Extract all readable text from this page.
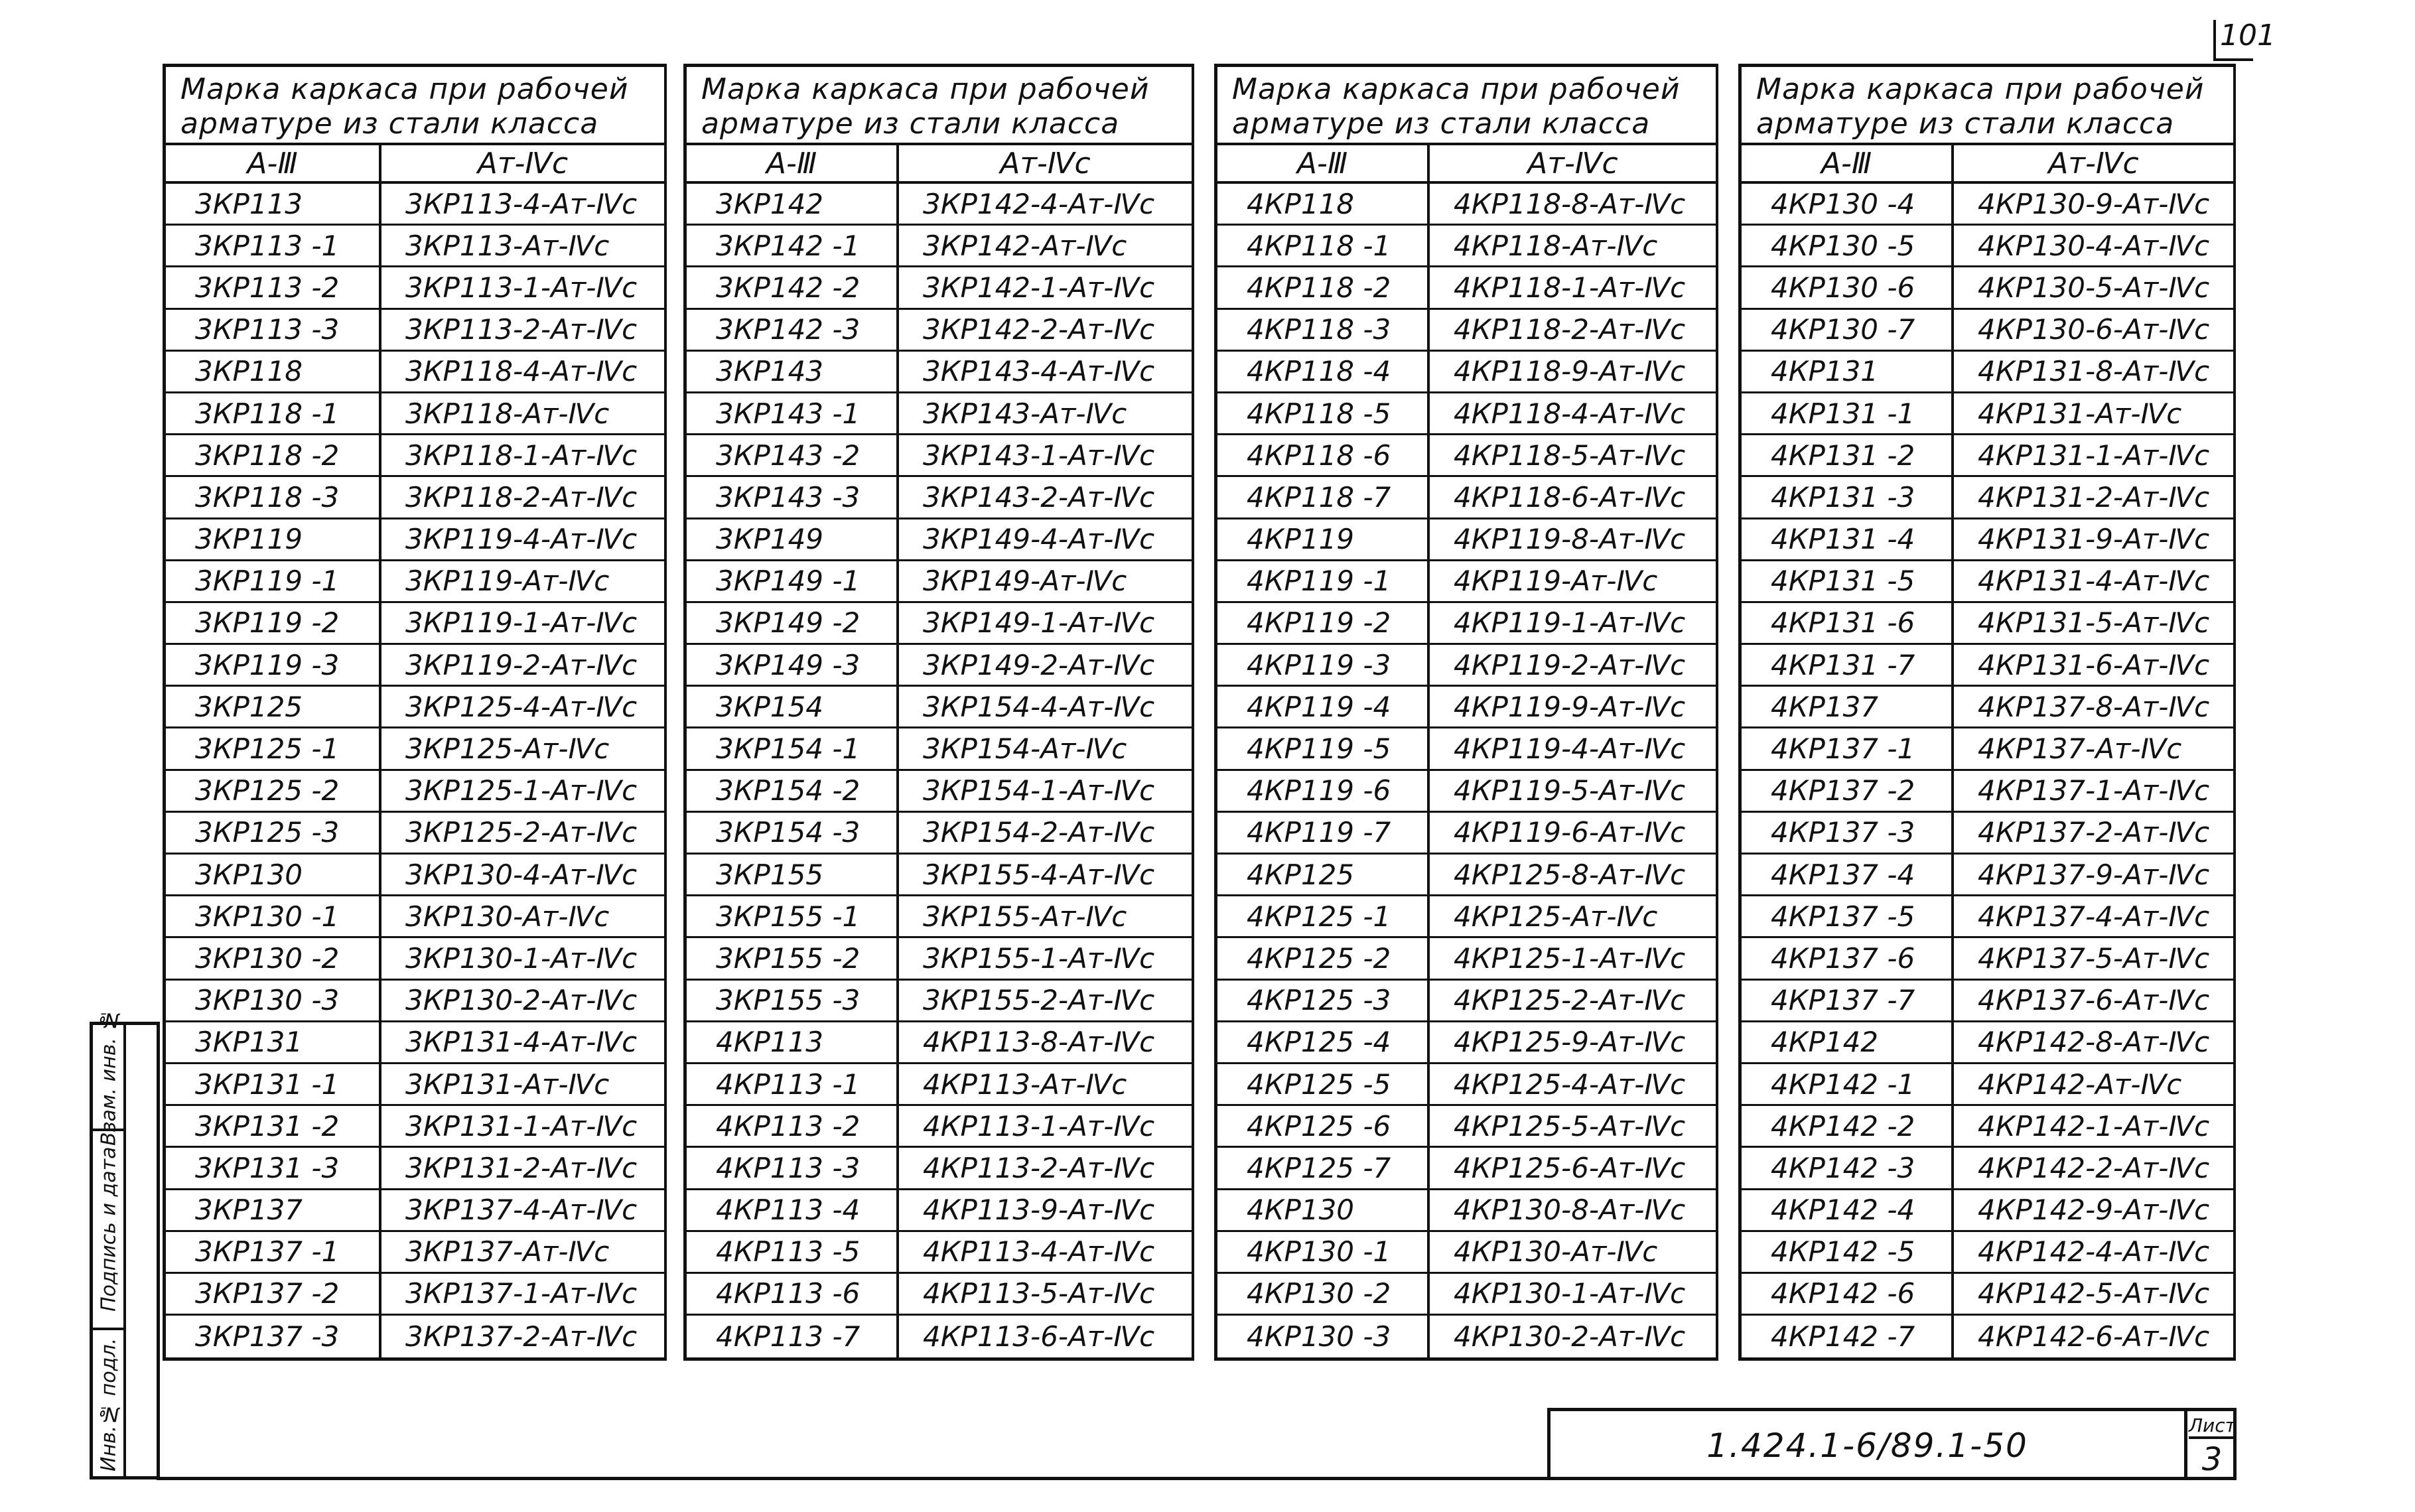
101
Марка каркаса при рабочей
арматуре из стали класса
А-Ⅲ	Ат-Ⅳс
3КР113	3КР113-4-Ат-Ⅳс
3КР113 -1	3КР113-Ат-Ⅳс
3КР113 -2	3КР113-1-Ат-Ⅳс
3КР113 -3	3КР113-2-Ат-Ⅳс
3КР118	3КР118-4-Ат-Ⅳс
3КР118 -1	3КР118-Ат-Ⅳс
3КР118 -2	3КР118-1-Ат-Ⅳс
3КР118 -3	3КР118-2-Ат-Ⅳс
3КР119	3КР119-4-Ат-Ⅳс
3КР119 -1	3КР119-Ат-Ⅳс
3КР119 -2	3КР119-1-Ат-Ⅳс
3КР119 -3	3КР119-2-Ат-Ⅳс
3КР125	3КР125-4-Ат-Ⅳс
3КР125 -1	3КР125-Ат-Ⅳс
3КР125 -2	3КР125-1-Ат-Ⅳс
3КР125 -3	3КР125-2-Ат-Ⅳс
3КР130	3КР130-4-Ат-Ⅳс
3КР130 -1	3КР130-Ат-Ⅳс
3КР130 -2	3КР130-1-Ат-Ⅳс
3КР130 -3	3КР130-2-Ат-Ⅳс
3КР131	3КР131-4-Ат-Ⅳс
3КР131 -1	3КР131-Ат-Ⅳс
3КР131 -2	3КР131-1-Ат-Ⅳс
3КР131 -3	3КР131-2-Ат-Ⅳс
3КР137	3КР137-4-Ат-Ⅳс
3КР137 -1	3КР137-Ат-Ⅳс
3КР137 -2	3КР137-1-Ат-Ⅳс
3КР137 -3	3КР137-2-Ат-Ⅳс
Марка каркаса при рабочей
арматуре из стали класса
А-Ⅲ	Ат-Ⅳс
3КР142	3КР142-4-Ат-Ⅳс
3КР142 -1	3КР142-Ат-Ⅳс
3КР142 -2	3КР142-1-Ат-Ⅳс
3КР142 -3	3КР142-2-Ат-Ⅳс
3КР143	3КР143-4-Ат-Ⅳс
3КР143 -1	3КР143-Ат-Ⅳс
3КР143 -2	3КР143-1-Ат-Ⅳс
3КР143 -3	3КР143-2-Ат-Ⅳс
3КР149	3КР149-4-Ат-Ⅳс
3КР149 -1	3КР149-Ат-Ⅳс
3КР149 -2	3КР149-1-Ат-Ⅳс
3КР149 -3	3КР149-2-Ат-Ⅳс
3КР154	3КР154-4-Ат-Ⅳс
3КР154 -1	3КР154-Ат-Ⅳс
3КР154 -2	3КР154-1-Ат-Ⅳс
3КР154 -3	3КР154-2-Ат-Ⅳс
3КР155	3КР155-4-Ат-Ⅳс
3КР155 -1	3КР155-Ат-Ⅳс
3КР155 -2	3КР155-1-Ат-Ⅳс
3КР155 -3	3КР155-2-Ат-Ⅳс
4КР113	4КР113-8-Ат-Ⅳс
4КР113 -1	4КР113-Ат-Ⅳс
4КР113 -2	4КР113-1-Ат-Ⅳс
4КР113 -3	4КР113-2-Ат-Ⅳс
4КР113 -4	4КР113-9-Ат-Ⅳс
4КР113 -5	4КР113-4-Ат-Ⅳс
4КР113 -6	4КР113-5-Ат-Ⅳс
4КР113 -7	4КР113-6-Ат-Ⅳс
Марка каркаса при рабочей
арматуре из стали класса
А-Ⅲ	Ат-Ⅳс
4КР118	4КР118-8-Ат-Ⅳс
4КР118 -1	4КР118-Ат-Ⅳс
4КР118 -2	4КР118-1-Ат-Ⅳс
4КР118 -3	4КР118-2-Ат-Ⅳс
4КР118 -4	4КР118-9-Ат-Ⅳс
4КР118 -5	4КР118-4-Ат-Ⅳс
4КР118 -6	4КР118-5-Ат-Ⅳс
4КР118 -7	4КР118-6-Ат-Ⅳс
4КР119	4КР119-8-Ат-Ⅳс
4КР119 -1	4КР119-Ат-Ⅳс
4КР119 -2	4КР119-1-Ат-Ⅳс
4КР119 -3	4КР119-2-Ат-Ⅳс
4КР119 -4	4КР119-9-Ат-Ⅳс
4КР119 -5	4КР119-4-Ат-Ⅳс
4КР119 -6	4КР119-5-Ат-Ⅳс
4КР119 -7	4КР119-6-Ат-Ⅳс
4КР125	4КР125-8-Ат-Ⅳс
4КР125 -1	4КР125-Ат-Ⅳс
4КР125 -2	4КР125-1-Ат-Ⅳс
4КР125 -3	4КР125-2-Ат-Ⅳс
4КР125 -4	4КР125-9-Ат-Ⅳс
4КР125 -5	4КР125-4-Ат-Ⅳс
4КР125 -6	4КР125-5-Ат-Ⅳс
4КР125 -7	4КР125-6-Ат-Ⅳс
4КР130	4КР130-8-Ат-Ⅳс
4КР130 -1	4КР130-Ат-Ⅳс
4КР130 -2	4КР130-1-Ат-Ⅳс
4КР130 -3	4КР130-2-Ат-Ⅳс
Марка каркаса при рабочей
арматуре из стали класса
А-Ⅲ	Ат-Ⅳс
4КР130 -4	4КР130-9-Ат-Ⅳс
4КР130 -5	4КР130-4-Ат-Ⅳс
4КР130 -6	4КР130-5-Ат-Ⅳс
4КР130 -7	4КР130-6-Ат-Ⅳс
4КР131	4КР131-8-Ат-Ⅳс
4КР131 -1	4КР131-Ат-Ⅳс
4КР131 -2	4КР131-1-Ат-Ⅳс
4КР131 -3	4КР131-2-Ат-Ⅳс
4КР131 -4	4КР131-9-Ат-Ⅳс
4КР131 -5	4КР131-4-Ат-Ⅳс
4КР131 -6	4КР131-5-Ат-Ⅳс
4КР131 -7	4КР131-6-Ат-Ⅳс
4КР137	4КР137-8-Ат-Ⅳс
4КР137 -1	4КР137-Ат-Ⅳс
4КР137 -2	4КР137-1-Ат-Ⅳс
4КР137 -3	4КР137-2-Ат-Ⅳс
4КР137 -4	4КР137-9-Ат-Ⅳс
4КР137 -5	4КР137-4-Ат-Ⅳс
4КР137 -6	4КР137-5-Ат-Ⅳс
4КР137 -7	4КР137-6-Ат-Ⅳс
4КР142	4КР142-8-Ат-Ⅳс
4КР142 -1	4КР142-Ат-Ⅳс
4КР142 -2	4КР142-1-Ат-Ⅳс
4КР142 -3	4КР142-2-Ат-Ⅳс
4КР142 -4	4КР142-9-Ат-Ⅳс
4КР142 -5	4КР142-4-Ат-Ⅳс
4КР142 -6	4КР142-5-Ат-Ⅳс
4КР142 -7	4КР142-6-Ат-Ⅳс
Взам. инв. №
Подпись и дата
Инв.№ подл.	1.424.1-6/89.1-50
Лист
3
